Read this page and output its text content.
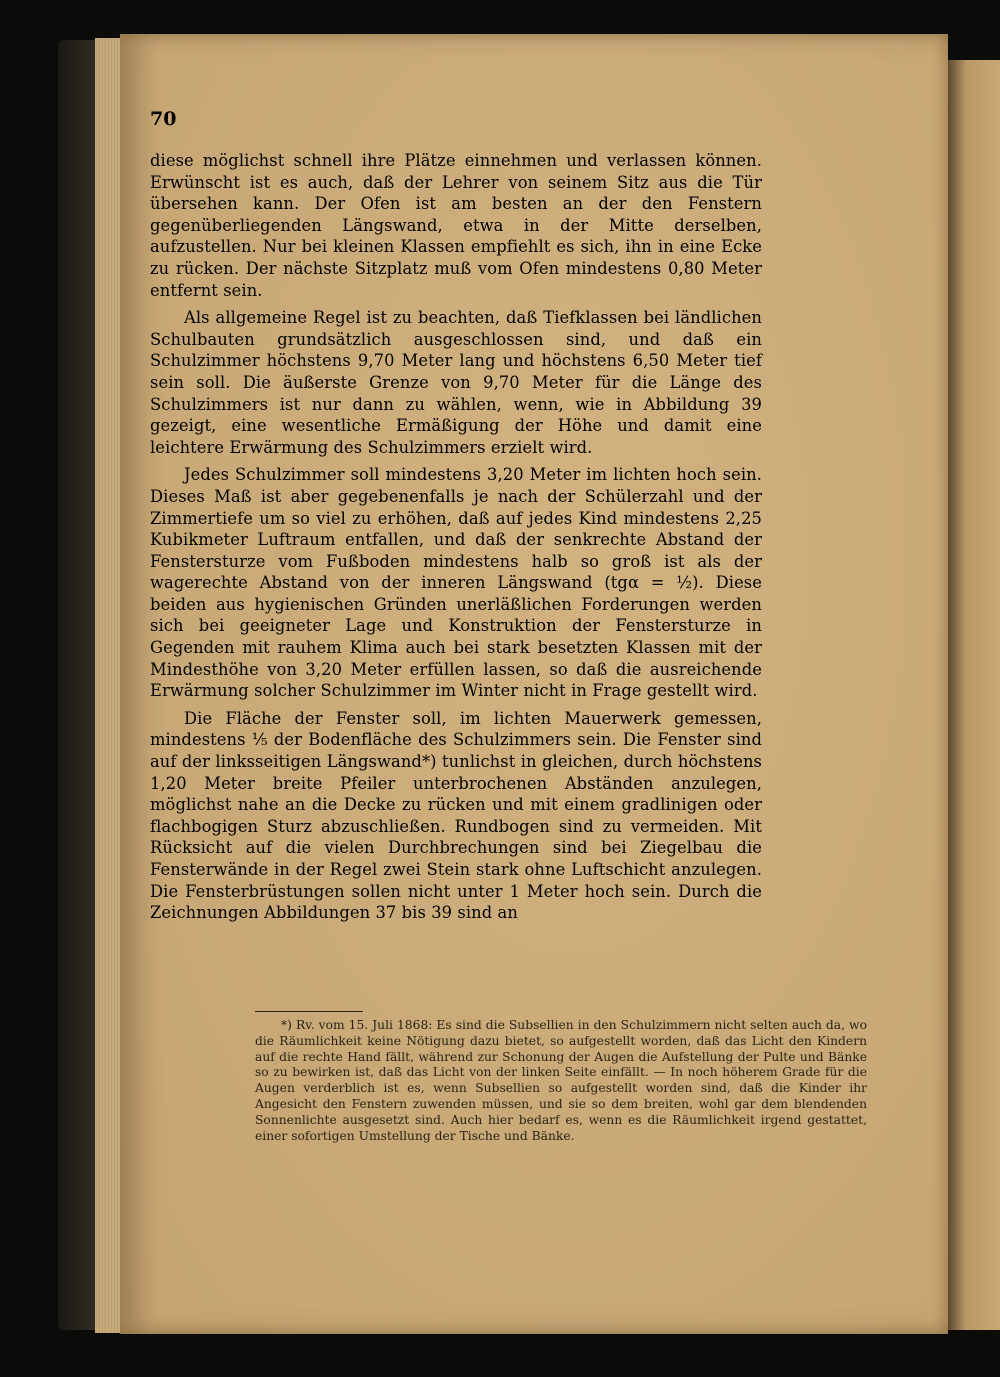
70

diese möglichst schnell ihre Plätze einnehmen und verlassen können. Erwünscht ist es auch, daß der Lehrer von seinem Sitz aus die Tür übersehen kann. Der Ofen ist am besten an der den Fenstern gegenüberliegenden Längswand, etwa in der Mitte derselben, aufzustellen. Nur bei kleinen Klassen empfiehlt es sich, ihn in eine Ecke zu rücken. Der nächste Sitzplatz muß vom Ofen mindestens 0,80 Meter entfernt sein.

Als allgemeine Regel ist zu beachten, daß Tiefklassen bei ländlichen Schulbauten grundsätzlich ausgeschlossen sind, und daß ein Schulzimmer höchstens 9,70 Meter lang und höchstens 6,50 Meter tief sein soll. Die äußerste Grenze von 9,70 Meter für die Länge des Schulzimmers ist nur dann zu wählen, wenn, wie in Abbildung 39 gezeigt, eine wesentliche Ermäßigung der Höhe und damit eine leichtere Erwärmung des Schulzimmers erzielt wird.

Jedes Schulzimmer soll mindestens 3,20 Meter im lichten hoch sein. Dieses Maß ist aber gegebenenfalls je nach der Schülerzahl und der Zimmertiefe um so viel zu erhöhen, daß auf jedes Kind mindestens 2,25 Kubikmeter Luftraum entfallen, und daß der senkrechte Abstand der Fenstersturze vom Fußboden mindestens halb so groß ist als der wagerechte Abstand von der inneren Längswand (tgα = ½). Diese beiden aus hygienischen Gründen unerläßlichen Forderungen werden sich bei geeigneter Lage und Konstruktion der Fenstersturze in Gegenden mit rauhem Klima auch bei stark besetzten Klassen mit der Mindesthöhe von 3,20 Meter erfüllen lassen, so daß die ausreichende Erwärmung solcher Schulzimmer im Winter nicht in Frage gestellt wird.

Die Fläche der Fenster soll, im lichten Mauerwerk gemessen, mindestens ⅕ der Bodenfläche des Schulzimmers sein. Die Fenster sind auf der linksseitigen Längswand*) tunlichst in gleichen, durch höchstens 1,20 Meter breite Pfeiler unterbrochenen Abständen anzulegen, möglichst nahe an die Decke zu rücken und mit einem gradlinigen oder flachbogigen Sturz abzuschließen. Rundbogen sind zu vermeiden. Mit Rücksicht auf die vielen Durchbrechungen sind bei Ziegelbau die Fensterwände in der Regel zwei Stein stark ohne Luftschicht anzulegen. Die Fensterbrüstungen sollen nicht unter 1 Meter hoch sein. Durch die Zeichnungen Abbildungen 37 bis 39 sind an

*) Rv. vom 15. Juli 1868: Es sind die Subsellien in den Schulzimmern nicht selten auch da, wo die Räumlichkeit keine Nötigung dazu bietet, so aufgestellt worden, daß das Licht den Kindern auf die rechte Hand fällt, während zur Schonung der Augen die Aufstellung der Pulte und Bänke so zu bewirken ist, daß das Licht von der linken Seite einfällt. — In noch höherem Grade für die Augen verderblich ist es, wenn Subsellien so aufgestellt worden sind, daß die Kinder ihr Angesicht den Fenstern zuwenden müssen, und sie so dem breiten, wohl gar dem blendenden Sonnenlichte ausgesetzt sind. Auch hier bedarf es, wenn es die Räumlichkeit irgend gestattet, einer sofortigen Umstellung der Tische und Bänke.
